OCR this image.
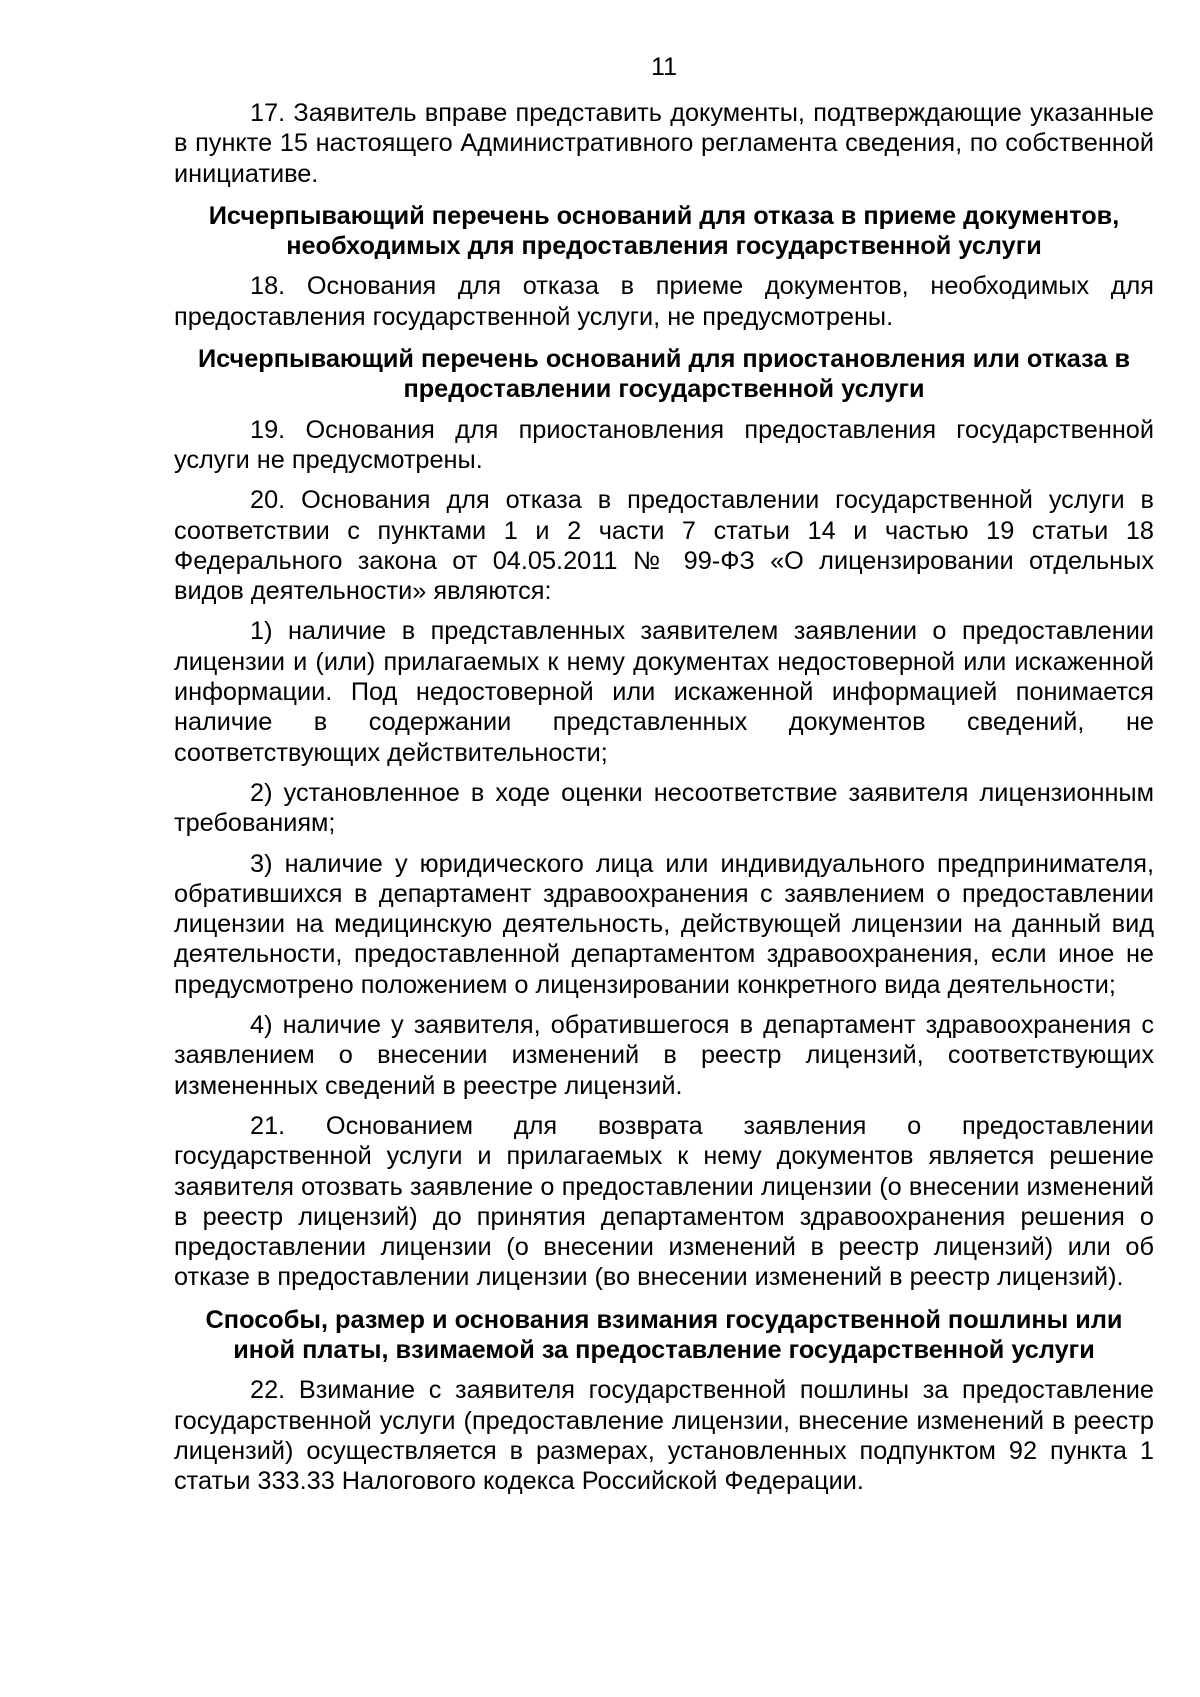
11

17. Заявитель вправе представить документы, подтверждающие указанные в пункте 15 настоящего Административного регламента сведения, по собственной инициативе.

Исчерпывающий перечень оснований для отказа в приеме документов, необходимых для предоставления государственной услуги

18. Основания для отказа в приеме документов, необходимых для предоставления государственной услуги, не предусмотрены.

Исчерпывающий перечень оснований для приостановления или отказа в предоставлении государственной услуги

19. Основания для приостановления предоставления государственной услуги не предусмотрены.

20. Основания для отказа в предоставлении государственной услуги в соответствии с пунктами 1 и 2 части 7 статьи 14 и частью 19 статьи 18 Федерального закона от 04.05.2011 № 99-ФЗ «О лицензировании отдельных видов деятельности» являются:

1) наличие в представленных заявителем заявлении о предоставлении лицензии и (или) прилагаемых к нему документах недостоверной или искаженной информации. Под недостоверной или искаженной информацией понимается наличие в содержании представленных документов сведений, не соответствующих действительности;

2) установленное в ходе оценки несоответствие заявителя лицензионным требованиям;

3) наличие у юридического лица или индивидуального предпринимателя, обратившихся в департамент здравоохранения с заявлением о предоставлении лицензии на медицинскую деятельность, действующей лицензии на данный вид деятельности, предоставленной департаментом здравоохранения, если иное не предусмотрено положением о лицензировании конкретного вида деятельности;

4) наличие у заявителя, обратившегося в департамент здравоохранения с заявлением о внесении изменений в реестр лицензий, соответствующих измененных сведений в реестре лицензий.

21. Основанием для возврата заявления о предоставлении государственной услуги и прилагаемых к нему документов является решение заявителя отозвать заявление о предоставлении лицензии (о внесении изменений в реестр лицензий) до принятия департаментом здравоохранения решения о предоставлении лицензии (о внесении изменений в реестр лицензий) или об отказе в предоставлении лицензии (во внесении изменений в реестр лицензий).

Способы, размер и основания взимания государственной пошлины или иной платы, взимаемой за предоставление государственной услуги

22. Взимание с заявителя государственной пошлины за предоставление государственной услуги (предоставление лицензии, внесение изменений в реестр лицензий) осуществляется в размерах, установленных подпунктом 92 пункта 1 статьи 333.33 Налогового кодекса Российской Федерации.
